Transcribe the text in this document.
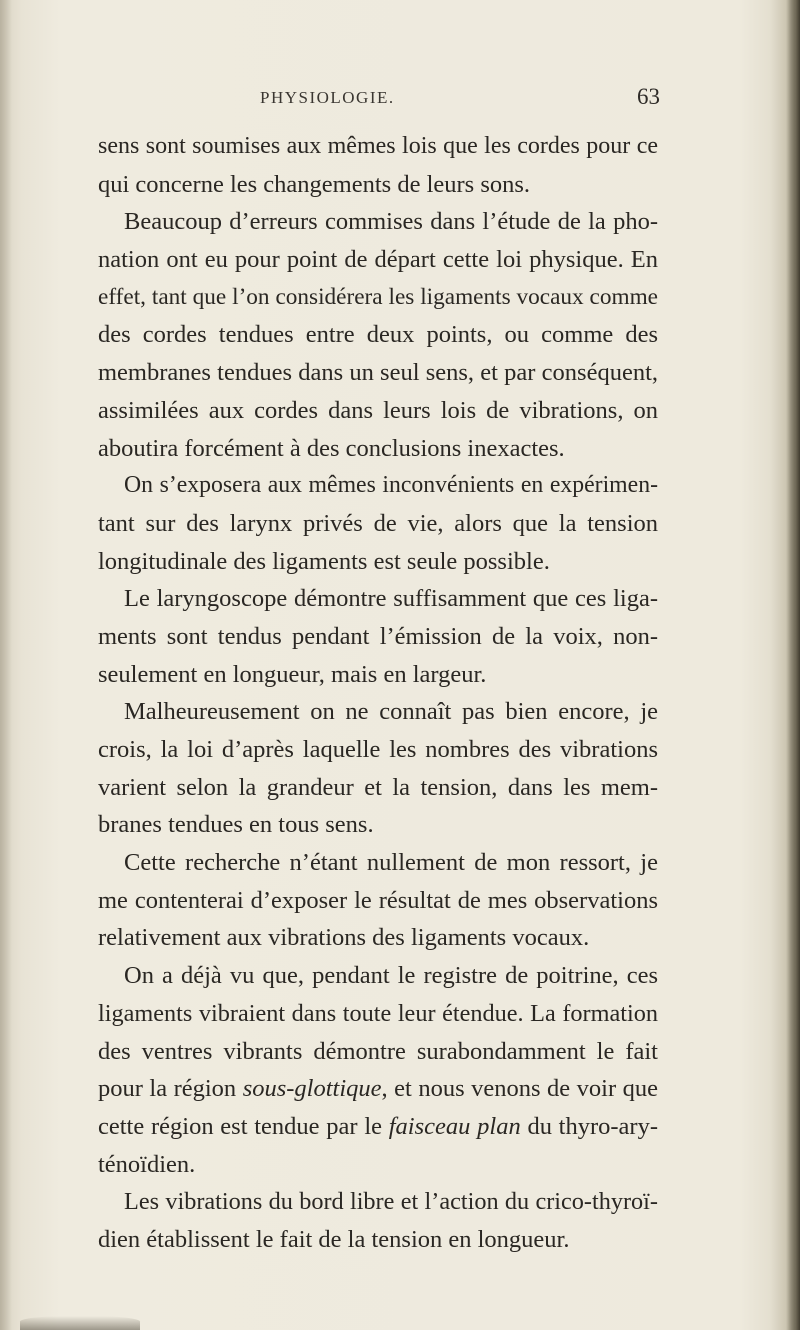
PHYSIOLOGIE.	63
sens sont soumises aux mêmes lois que les cordes pour ce
qui concerne les changements de leurs sons.
Beaucoup d’erreurs commises dans l’étude de la pho-
nation ont eu pour point de départ cette loi physique. En
effet, tant que l’on considérera les ligaments vocaux comme
des cordes tendues entre deux points, ou comme des
membranes tendues dans un seul sens, et par conséquent,
assimilées aux cordes dans leurs lois de vibrations, on
aboutira forcément à des conclusions inexactes.
On s’exposera aux mêmes inconvénients en expérimen-
tant sur des larynx privés de vie, alors que la tension
longitudinale des ligaments est seule possible.
Le laryngoscope démontre suffisamment que ces liga-
ments sont tendus pendant l’émission de la voix, non-
seulement en longueur, mais en largeur.
Malheureusement on ne connaît pas bien encore, je
crois, la loi d’après laquelle les nombres des vibrations
varient selon la grandeur et la tension, dans les mem-
branes tendues en tous sens.
Cette recherche n’étant nullement de mon ressort, je
me contenterai d’exposer le résultat de mes observations
relativement aux vibrations des ligaments vocaux.
On a déjà vu que, pendant le registre de poitrine, ces
ligaments vibraient dans toute leur étendue. La formation
des ventres vibrants démontre surabondamment le fait
pour la région sous-glottique, et nous venons de voir que
cette région est tendue par le faisceau plan du thyro-ary-
ténoïdien.
Les vibrations du bord libre et l’action du crico-thyroï-
dien établissent le fait de la tension en longueur.
